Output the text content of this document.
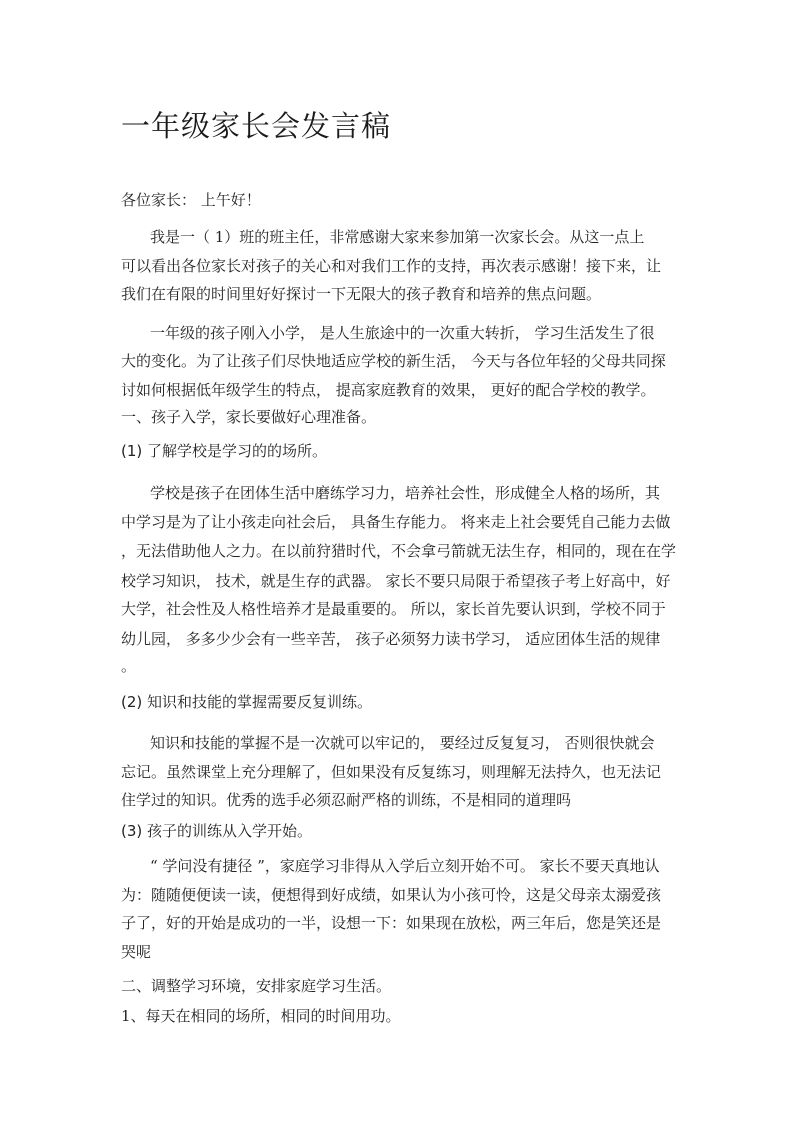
一年级家长会发言稿
各位家长： 上午好！
我是一（ 1）班的班主任，非常感谢大家来参加第一次家长会。从这一点上
可以看出各位家长对孩子的关心和对我们工作的支持，再次表示感谢！接下来，让
我们在有限的时间里好好探讨一下无限大的孩子教育和培养的焦点问题。
一年级的孩子刚入小学， 是人生旅途中的一次重大转折， 学习生活发生了很
大的变化。为了让孩子们尽快地适应学校的新生活， 今天与各位年轻的父母共同探
讨如何根据低年级学生的特点， 提高家庭教育的效果， 更好的配合学校的教学。
一、孩子入学，家长要做好心理准备。
(1) 了解学校是学习的的场所。
学校是孩子在团体生活中磨练学习力，培养社会性，形成健全人格的场所，其
中学习是为了让小孩走向社会后， 具备生存能力。 将来走上社会要凭自己能力去做
，无法借助他人之力。在以前狩猎时代，不会拿弓箭就无法生存，相同的，现在在学
校学习知识， 技术，就是生存的武器。 家长不要只局限于希望孩子考上好高中，好
大学，社会性及人格性培养才是最重要的。 所以，家长首先要认识到，学校不同于
幼儿园， 多多少少会有一些辛苦， 孩子必须努力读书学习， 适应团体生活的规律
。
(2) 知识和技能的掌握需要反复训练。
知识和技能的掌握不是一次就可以牢记的， 要经过反复复习， 否则很快就会
忘记。虽然课堂上充分理解了，但如果没有反复练习，则理解无法持久，也无法记
住学过的知识。优秀的选手必须忍耐严格的训练，不是相同的道理吗
(3) 孩子的训练从入学开始。
“ 学问没有捷径 ”，家庭学习非得从入学后立刻开始不可。 家长不要天真地认
为：随随便便读一读，便想得到好成绩，如果认为小孩可怜，这是父母亲太溺爱孩
子了，好的开始是成功的一半，设想一下：如果现在放松，两三年后，您是笑还是
哭呢
二、调整学习环境，安排家庭学习生活。
1、每天在相同的场所，相同的时间用功。
